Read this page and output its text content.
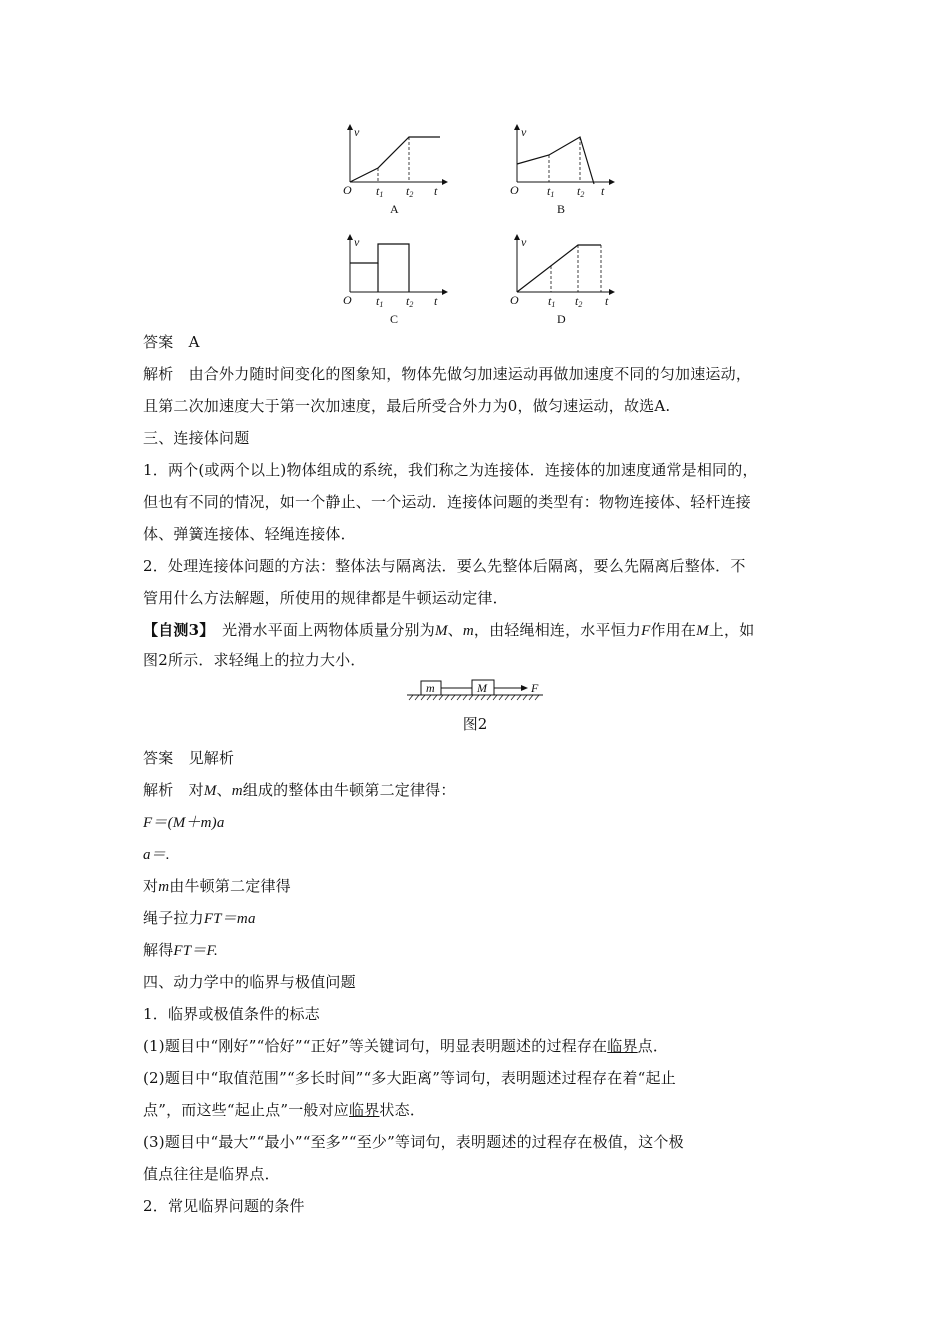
v
O t1 t2 t
A
v
O t1 t2 t
B
v
O t1 t2 t
C
v
O t1 t2 t
D
答案  A
解析  由合外力随时间变化的图象知，物体先做匀加速运动再做加速度不同的匀加速运动，
且第二次加速度大于第一次加速度，最后所受合外力为0，做匀速运动，故选A.
三、连接体问题
1．两个(或两个以上)物体组成的系统，我们称之为连接体．连接体的加速度通常是相同的，
但也有不同的情况，如一个静止、一个运动．连接体问题的类型有：物物连接体、轻杆连接
体、弹簧连接体、轻绳连接体．
2．处理连接体问题的方法：整体法与隔离法．要么先整体后隔离，要么先隔离后整体．不
管用什么方法解题，所使用的规律都是牛顿运动定律．
【自测3】  光滑水平面上两物体质量分别为M、m，由轻绳相连，水平恒力F作用在M上，如
图2所示．求轻绳上的拉力大小．
m	M	F
图2
答案  见解析
解析  对M、m组成的整体由牛顿第二定律得：
F＝(M＋m)a
a＝.
对m由牛顿第二定律得
绳子拉力FT＝ma
解得FT＝F.
四、动力学中的临界与极值问题
1．临界或极值条件的标志
(1)题目中“刚好”“恰好”“正好”等关键词句，明显表明题述的过程存在临界点．
(2)题目中“取值范围”“多长时间”“多大距离”等词句，表明题述过程存在着“起止
点”，而这些“起止点”一般对应临界状态．
(3)题目中“最大”“最小”“至多”“至少”等词句，表明题述的过程存在极值，这个极
值点往往是临界点．
2．常见临界问题的条件
